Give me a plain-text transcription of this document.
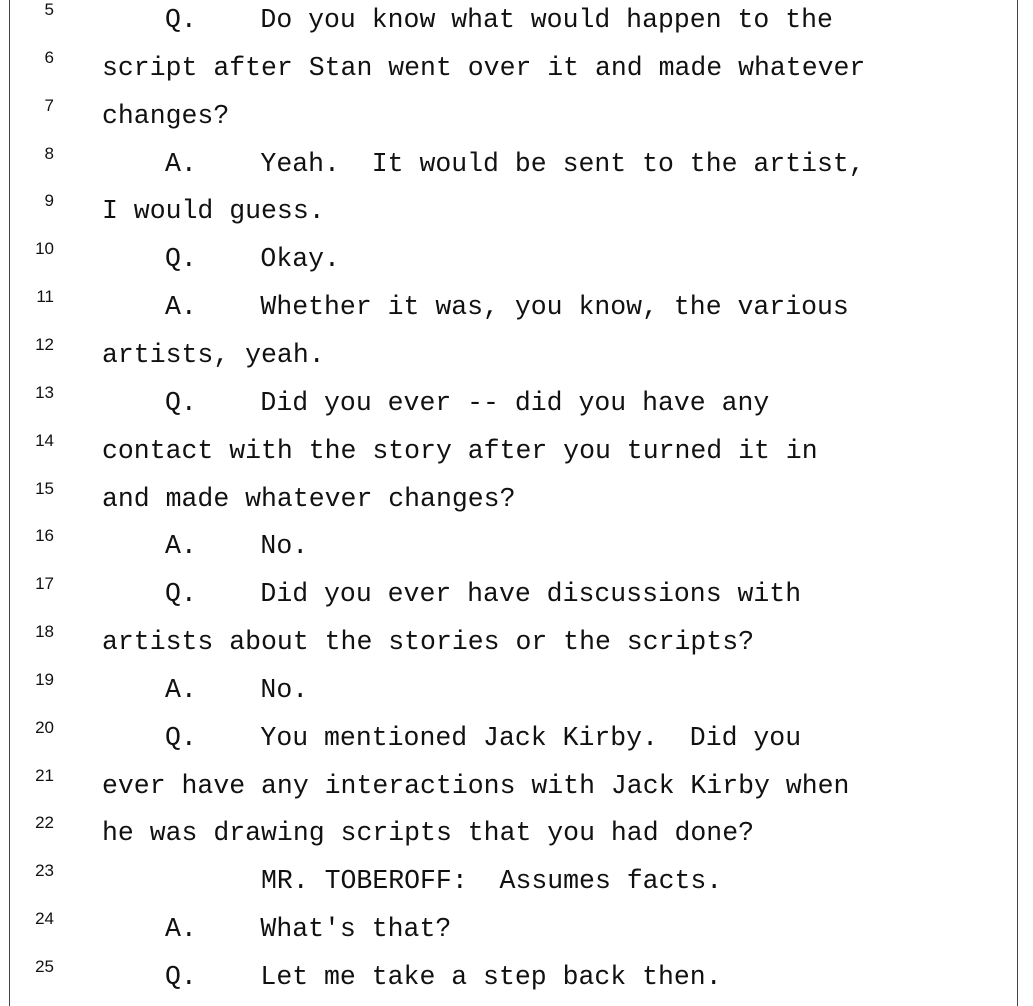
5	Q.    Do you know what would happen to the
6 script after Stan went over it and made whatever
7 changes?
8	A.    Yeah.  It would be sent to the artist,
9 I would guess.
10	Q.    Okay.
11	A.    Whether it was, you know, the various
12 artists, yeah.
13	Q.    Did you ever -- did you have any
14 contact with the story after you turned it in
15 and made whatever changes?
16	A.    No.
17	Q.    Did you ever have discussions with
18 artists about the stories or the scripts?
19	A.    No.
20	Q.    You mentioned Jack Kirby.  Did you
21 ever have any interactions with Jack Kirby when
22 he was drawing scripts that you had done?
23	MR. TOBEROFF:  Assumes facts.
24	A.    What's that?
25	Q.    Let me take a step back then.
